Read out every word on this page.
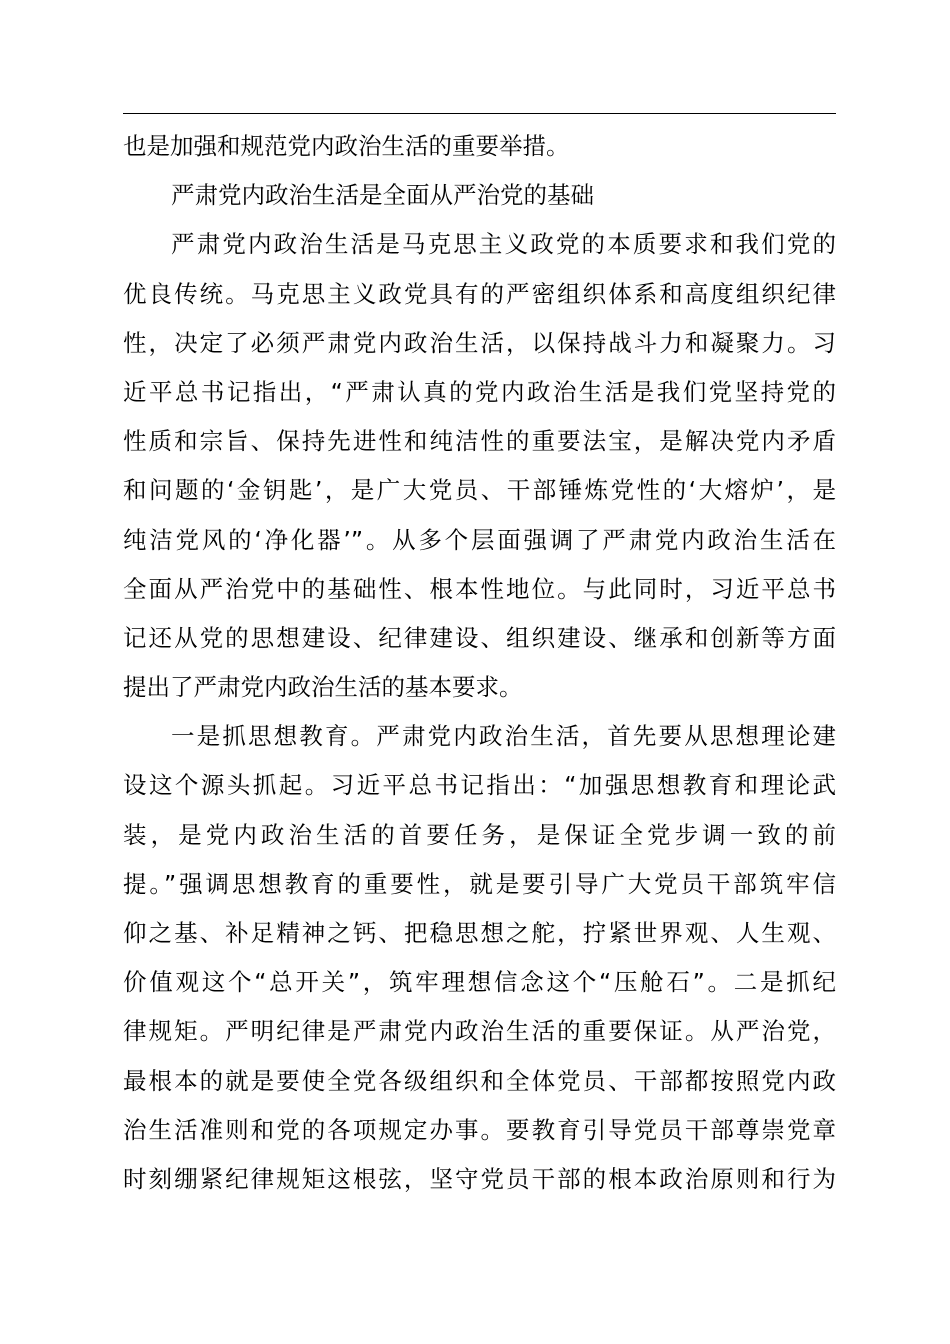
也是加强和规范党内政治生活的重要举措。
严肃党内政治生活是全面从严治党的基础
严肃党内政治生活是马克思主义政党的本质要求和我们党的
优良传统。马克思主义政党具有的严密组织体系和高度组织纪律
性，决定了必须严肃党内政治生活，以保持战斗力和凝聚力。习
近平总书记指出，“严肃认真的党内政治生活是我们党坚持党的
性质和宗旨、保持先进性和纯洁性的重要法宝，是解决党内矛盾
和问题的‘金钥匙’，是广大党员、干部锤炼党性的‘大熔炉’，是
纯洁党风的‘净化器’”。从多个层面强调了严肃党内政治生活在
全面从严治党中的基础性、根本性地位。与此同时，习近平总书
记还从党的思想建设、纪律建设、组织建设、继承和创新等方面
提出了严肃党内政治生活的基本要求。
一是抓思想教育。严肃党内政治生活，首先要从思想理论建
设这个源头抓起。习近平总书记指出：“加强思想教育和理论武
装，是党内政治生活的首要任务，是保证全党步调一致的前
提。”强调思想教育的重要性，就是要引导广大党员干部筑牢信
仰之基、补足精神之钙、把稳思想之舵，拧紧世界观、人生观、
价值观这个“总开关”，筑牢理想信念这个“压舱石”。二是抓纪
律规矩。严明纪律是严肃党内政治生活的重要保证。从严治党，
最根本的就是要使全党各级组织和全体党员、干部都按照党内政
治生活准则和党的各项规定办事。要教育引导党员干部尊崇党章
时刻绷紧纪律规矩这根弦，坚守党员干部的根本政治原则和行为
